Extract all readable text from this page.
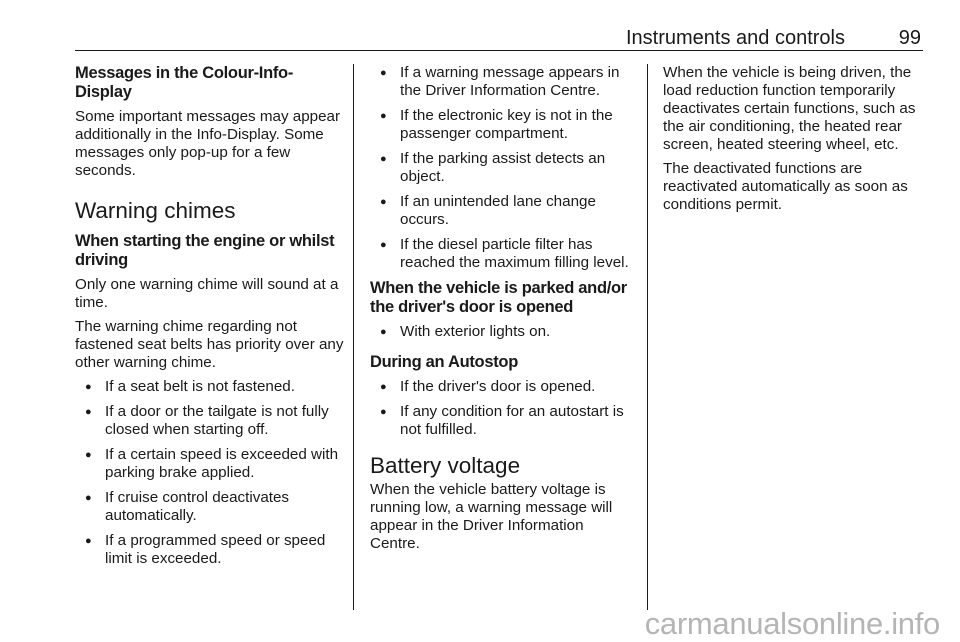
Instruments and controls	99
Messages in the Colour-Info-Display

Some important messages may appear additionally in the Info-Display. Some messages only pop-up for a few seconds.

Warning chimes
When starting the engine or whilst driving

Only one warning chime will sound at a time.

The warning chime regarding not fastened seat belts has priority over any other warning chime.

● If a seat belt is not fastened.
● If a door or the tailgate is not fully closed when starting off.
● If a certain speed is exceeded with parking brake applied.
● If cruise control deactivates automatically.
● If a programmed speed or speed limit is exceeded.
● If a warning message appears in the Driver Information Centre.
● If the electronic key is not in the passenger compartment.
● If the parking assist detects an object.
● If an unintended lane change occurs.
● If the diesel particle filter has reached the maximum filling level.
When the vehicle is parked and/or the driver's door is opened
● With exterior lights on.
During an Autostop
● If the driver's door is opened.
● If any condition for an autostart is not fulfilled.
Battery voltage

When the vehicle battery voltage is running low, a warning message will appear in the Driver Information Centre.

When the vehicle is being driven, the load reduction function temporarily deactivates certain functions, such as the air conditioning, the heated rear screen, heated steering wheel, etc.

The deactivated functions are reactivated automatically as soon as conditions permit.

carmanualsonline.info
